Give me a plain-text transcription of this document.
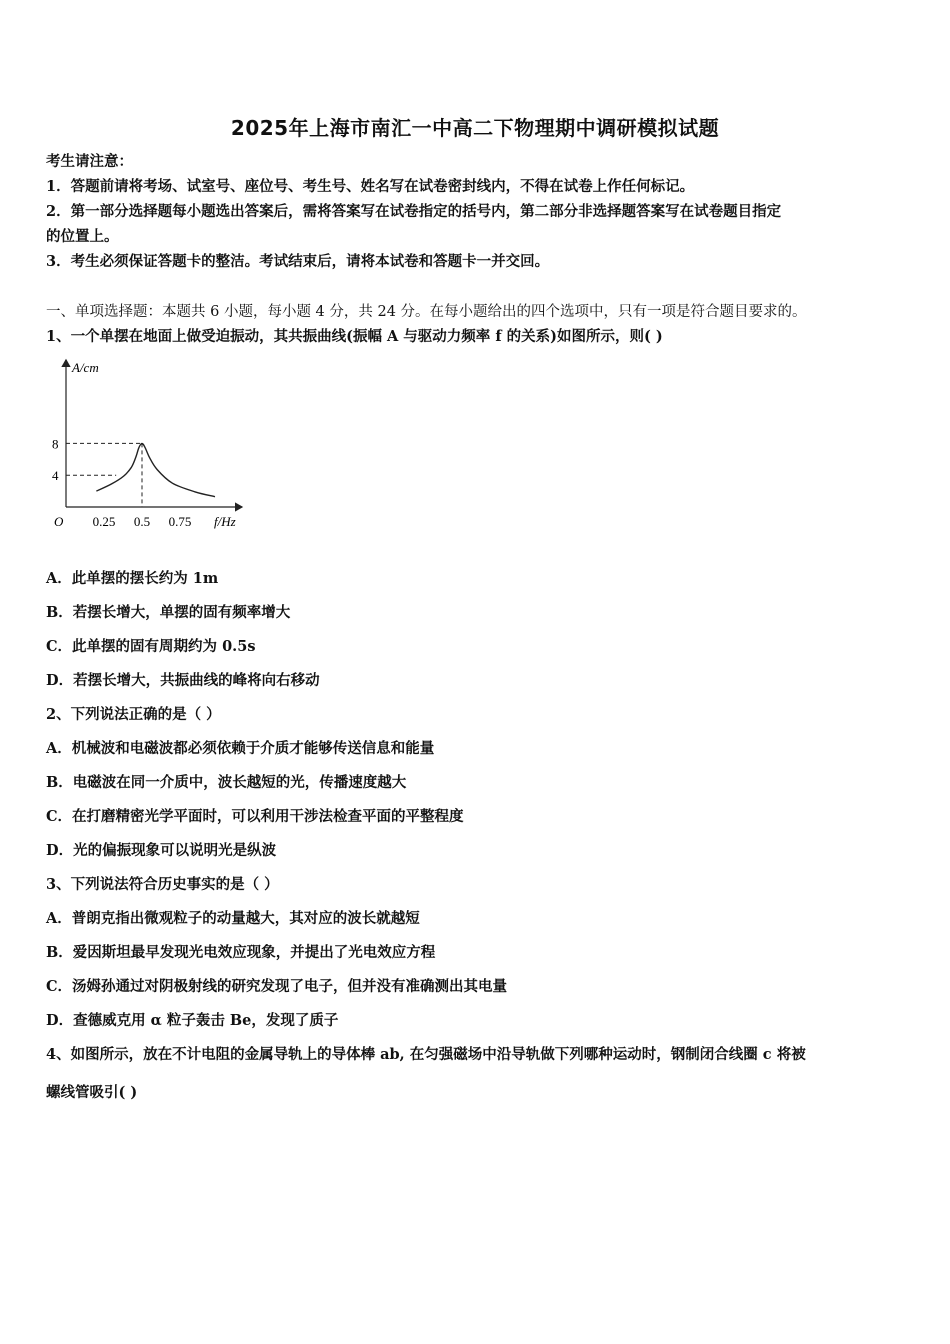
2025年上海市南汇一中高二下物理期中调研模拟试题
考生请注意：
1．答题前请将考场、试室号、座位号、考生号、姓名写在试卷密封线内，不得在试卷上作任何标记。
2．第一部分选择题每小题选出答案后，需将答案写在试卷指定的括号内，第二部分非选择题答案写在试卷题目指定
的位置上。
3．考生必须保证答题卡的整洁。考试结束后，请将本试卷和答题卡一并交回。
一、单项选择题：本题共 6 小题，每小题 4 分，共 24 分。在每小题给出的四个选项中，只有一项是符合题目要求的。
1、一个单摆在地面上做受迫振动，其共振曲线(振幅 A 与驱动力频率 f 的关系)如图所示，则( )
A/cm
8
4
O 0.25 0.5 0.75 f/Hz
A．此单摆的摆长约为 1m
B．若摆长增大，单摆的固有频率增大
C．此单摆的固有周期约为 0.5s
D．若摆长增大，共振曲线的峰将向右移动
2、下列说法正确的是（ ）
A．机械波和电磁波都必须依赖于介质才能够传送信息和能量
B．电磁波在同一介质中，波长越短的光，传播速度越大
C．在打磨精密光学平面时，可以利用干涉法检查平面的平整程度
D．光的偏振现象可以说明光是纵波
3、下列说法符合历史事实的是（ ）
A．普朗克指出微观粒子的动量越大，其对应的波长就越短
B．爱因斯坦最早发现光电效应现象，并提出了光电效应方程
C．汤姆孙通过对阴极射线的研究发现了电子，但并没有准确测出其电量
D．查德威克用 α 粒子轰击 Be，发现了质子
4、如图所示，放在不计电阻的金属导轨上的导体棒 ab, 在匀强磁场中沿导轨做下列哪种运动时，钢制闭合线圈 c 将被
螺线管吸引( )
